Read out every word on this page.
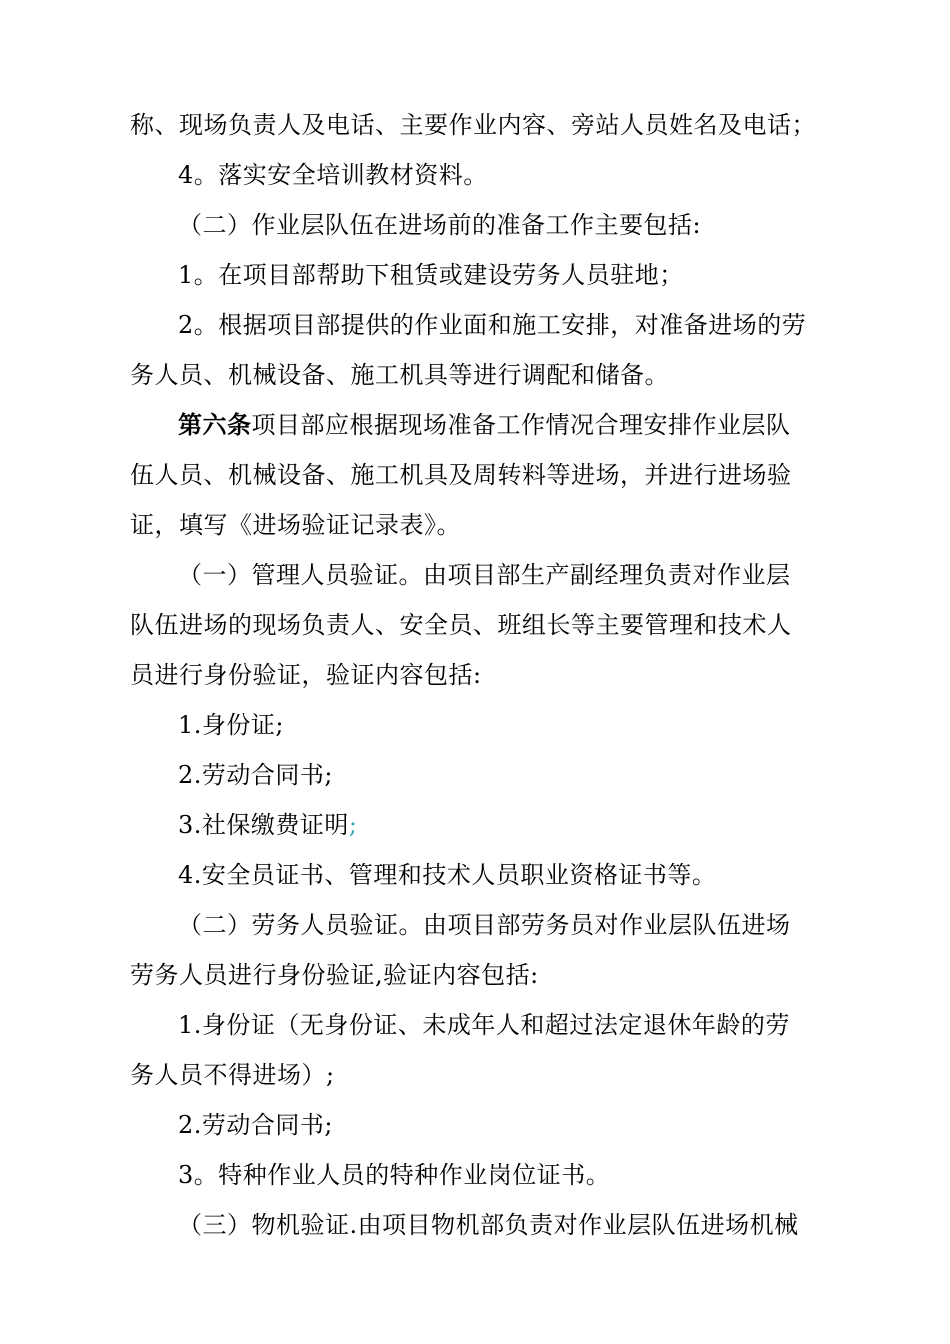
称、现场负责人及电话、主要作业内容、旁站人员姓名及电话；
4。落实安全培训教材资料。
（二）作业层队伍在进场前的准备工作主要包括:
1。在项目部帮助下租赁或建设劳务人员驻地；
2。根据项目部提供的作业面和施工安排，对准备进场的劳
务人员、机械设备、施工机具等进行调配和储备。
第六条项目部应根据现场准备工作情况合理安排作业层队
伍人员、机械设备、施工机具及周转料等进场，并进行进场验
证，填写《进场验证记录表》。
（一）管理人员验证。由项目部生产副经理负责对作业层
队伍进场的现场负责人、安全员、班组长等主要管理和技术人
员进行身份验证，验证内容包括:
1.身份证;
2.劳动合同书;
3.社保缴费证明;
4.安全员证书、管理和技术人员职业资格证书等。
（二）劳务人员验证。由项目部劳务员对作业层队伍进场
劳务人员进行身份验证,验证内容包括:
1.身份证（无身份证、未成年人和超过法定退休年龄的劳
务人员不得进场）;
2.劳动合同书;
3。特种作业人员的特种作业岗位证书。
（三）物机验证.由项目物机部负责对作业层队伍进场机械
